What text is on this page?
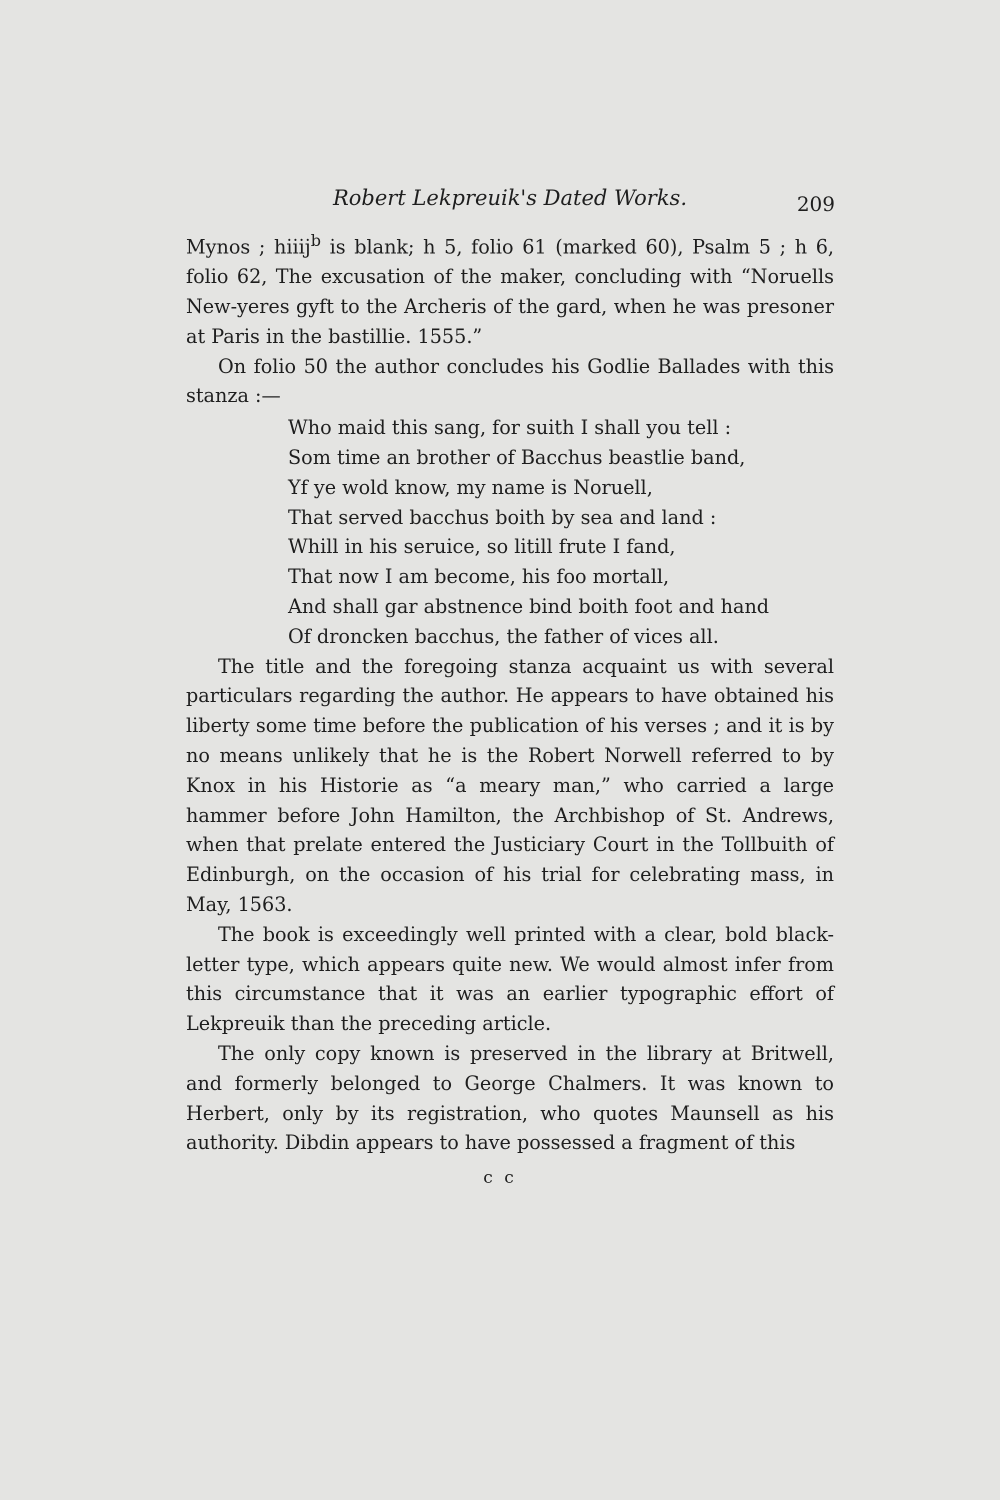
Robert Lekpreuik's Dated Works.	209

Mynos ; hiiij$^b$ is blank; h 5, folio 61 (marked 60), Psalm 5 ; h 6, folio 62, The excusation of the maker, concluding with “Noruells New-yeres gyft to the Archeris of the gard, when he was presoner at Paris in the bastillie. 1555.”

On folio 50 the author concludes his Godlie Ballades with this stanza :—

Who maid this sang, for suith I shall you tell :
Som time an brother of Bacchus beastlie band,
Yf ye wold know, my name is Noruell,
That served bacchus boith by sea and land :
Whill in his seruice, so litill frute I fand,
That now I am become, his foo mortall,
And shall gar abstnence bind boith foot and hand
Of droncken bacchus, the father of vices all.

The title and the foregoing stanza acquaint us with several particulars regarding the author. He appears to have obtained his liberty some time before the publication of his verses ; and it is by no means unlikely that he is the Robert Norwell referred to by Knox in his Historie as “a meary man,” who carried a large hammer before John Hamilton, the Archbishop of St. Andrews, when that prelate entered the Justiciary Court in the Tollbuith of Edinburgh, on the occasion of his trial for celebrating mass, in May, 1563.

The book is exceedingly well printed with a clear, bold black-letter type, which appears quite new. We would almost infer from this circumstance that it was an earlier typographic effort of Lekpreuik than the preceding article.

The only copy known is preserved in the library at Britwell, and formerly belonged to George Chalmers. It was known to Herbert, only by its registration, who quotes Maunsell as his authority. Dibdin appears to have possessed a fragment of this

c c
